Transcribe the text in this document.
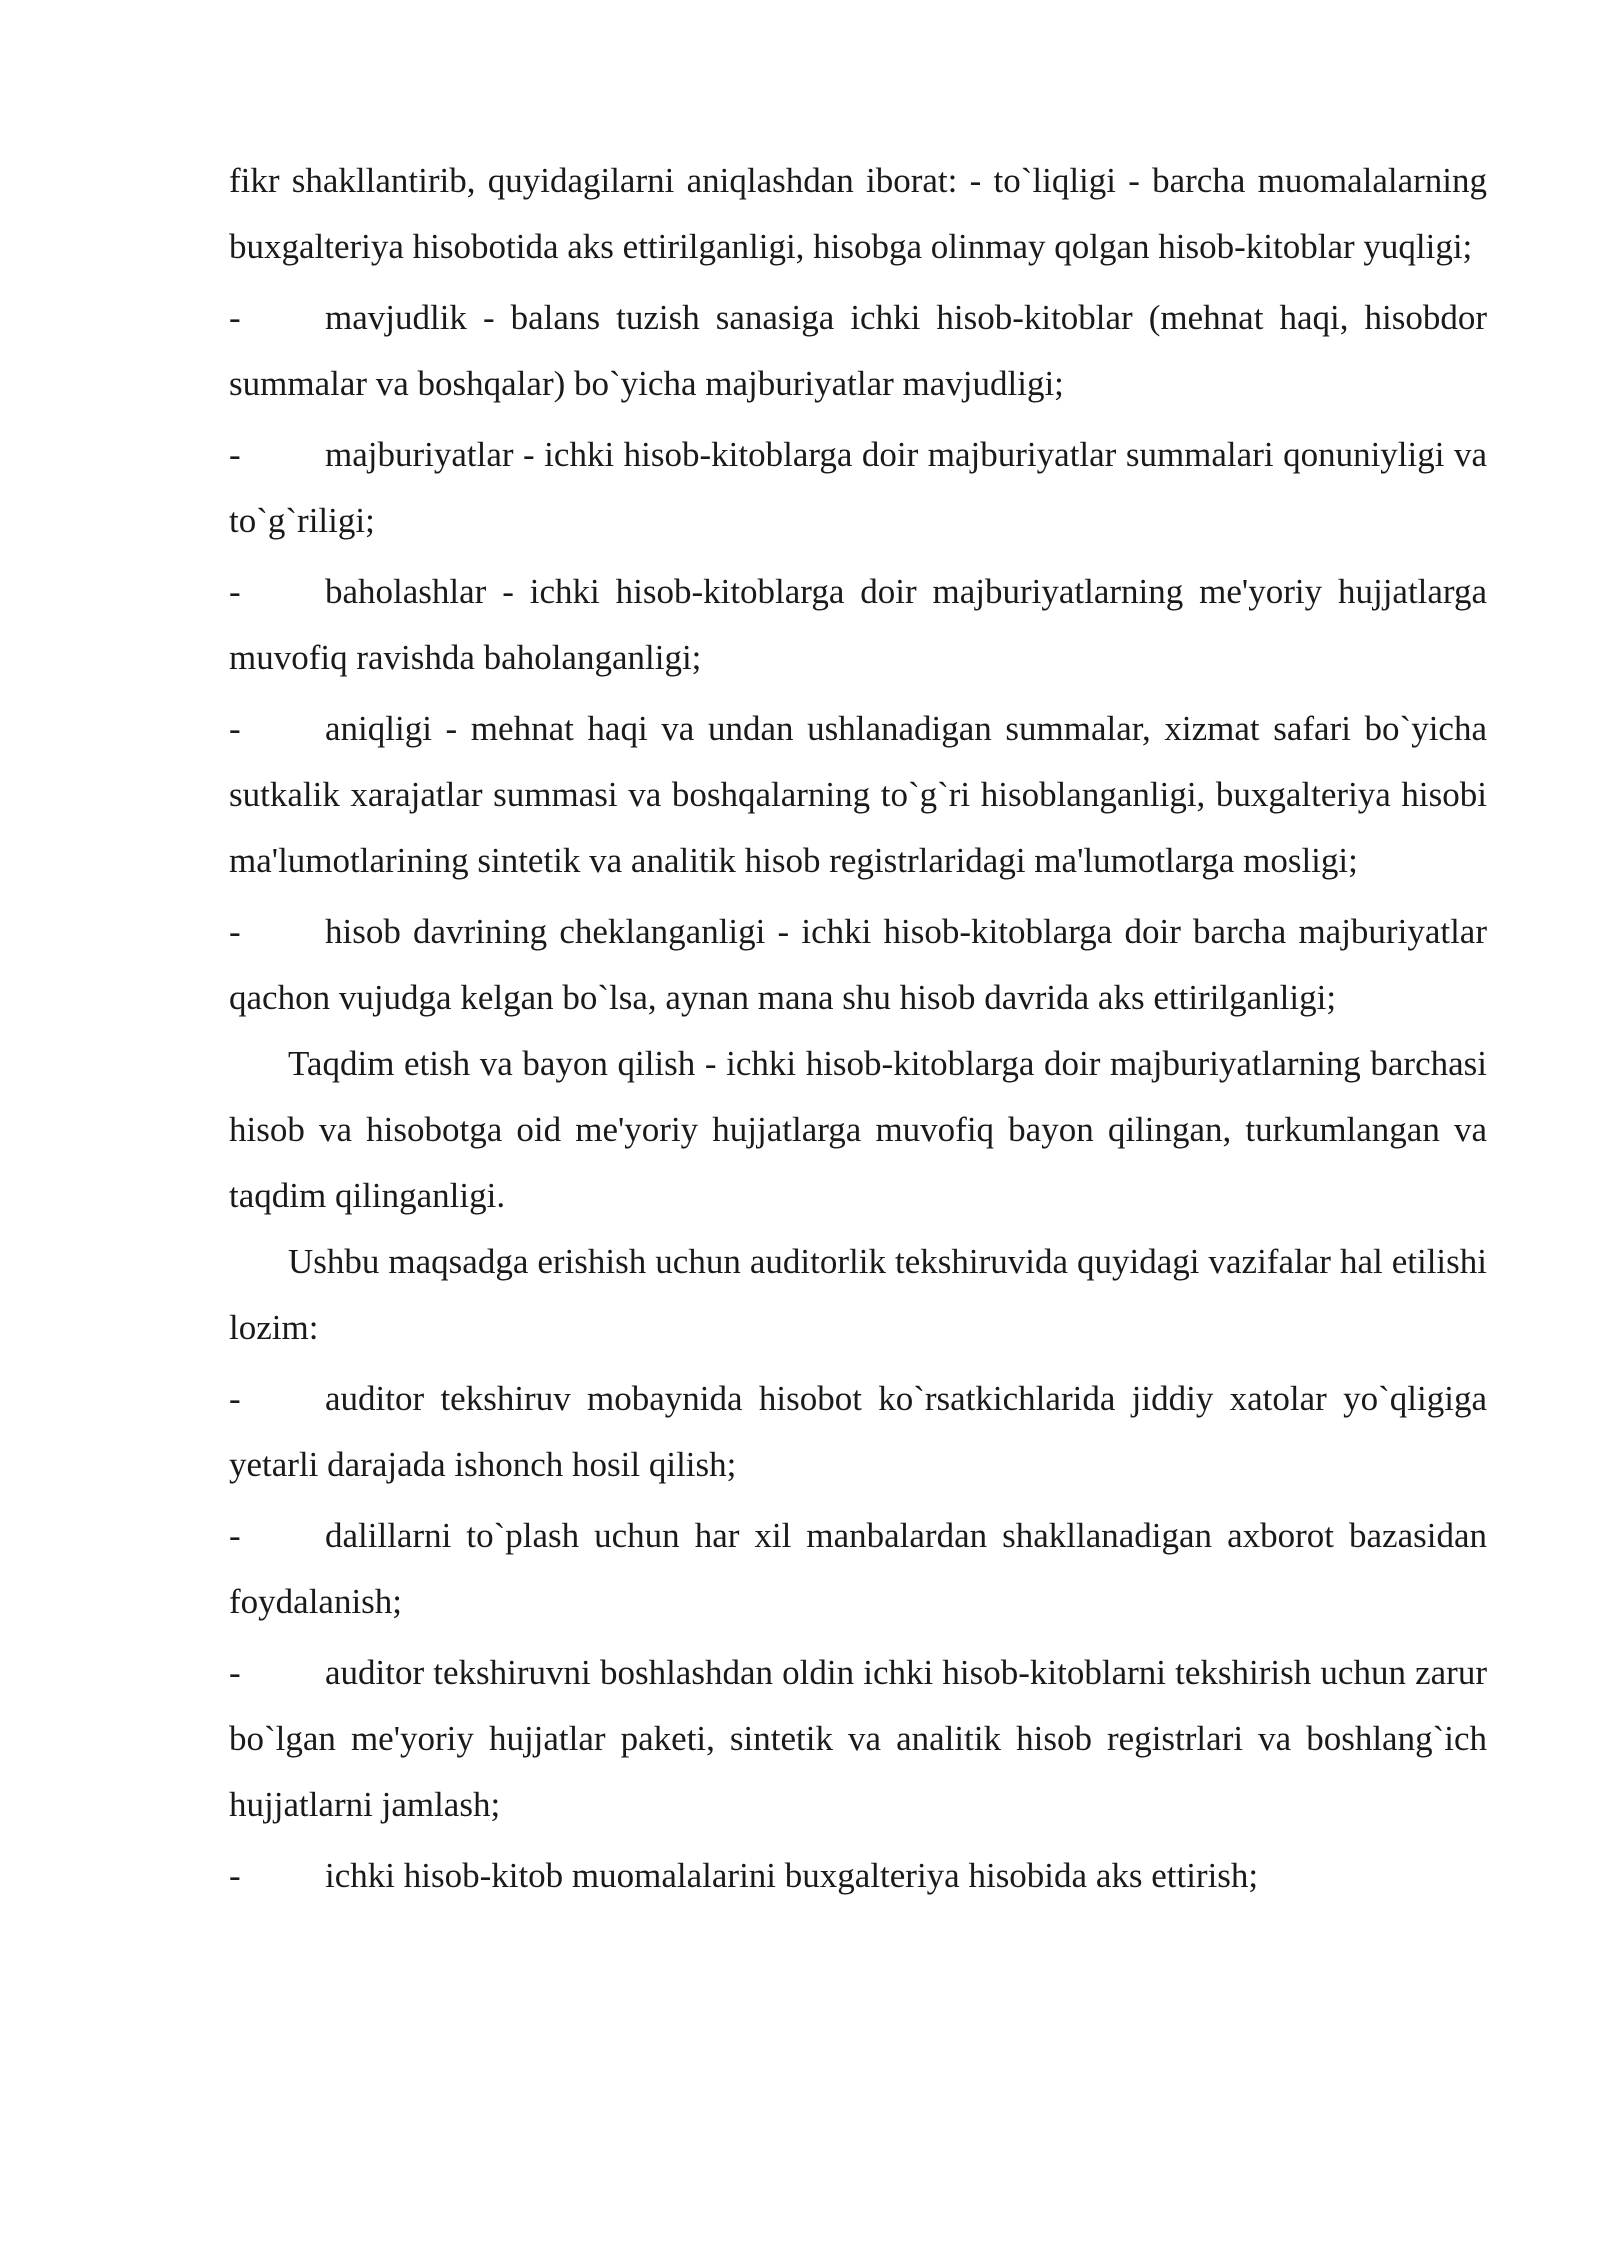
fikr shakllantirib, quyidagilarni aniqlashdan iborat: - to`liqligi - barcha muomalalarning buxgalteriya hisobotida aks ettirilganligi, hisobga olinmay qolgan hisob-kitoblar yuqligi;

- mavjudlik - balans tuzish sanasiga ichki hisob-kitoblar (mehnat haqi, hisobdor summalar va boshqalar) bo`yicha majburiyatlar mavjudligi;

- majburiyatlar - ichki hisob-kitoblarga doir majburiyatlar summalari qonuniyligi va to`g`riligi;

- baholashlar - ichki hisob-kitoblarga doir majburiyatlarning me'yoriy hujjatlarga muvofiq ravishda baholanganligi;

- aniqligi - mehnat haqi va undan ushlanadigan summalar, xizmat safari bo`yicha sutkalik xarajatlar summasi va boshqalarning to`g`ri hisoblanganligi, buxgalteriya hisobi ma'lumotlarining sintetik va analitik hisob registrlaridagi ma'lumotlarga mosligi;

- hisob davrining cheklanganligi - ichki hisob-kitoblarga doir barcha majburiyatlar qachon vujudga kelgan bo`lsa, aynan mana shu hisob davrida aks ettirilganligi;

Taqdim etish va bayon qilish - ichki hisob-kitoblarga doir majburiyatlarning barchasi hisob va hisobotga oid me'yoriy hujjatlarga muvofiq bayon qilingan, turkumlangan va taqdim qilinganligi.

Ushbu maqsadga erishish uchun auditorlik tekshiruvida quyidagi vazifalar hal etilishi lozim:

- auditor tekshiruv mobaynida hisobot ko`rsatkichlarida jiddiy xatolar yo`qligiga yetarli darajada ishonch hosil qilish;

- dalillarni to`plash uchun har xil manbalardan shakllanadigan axborot bazasidan foydalanish;

- auditor tekshiruvni boshlashdan oldin ichki hisob-kitoblarni tekshirish uchun zarur bo`lgan me'yoriy hujjatlar paketi, sintetik va analitik hisob registrlari va boshlang`ich hujjatlarni jamlash;

- ichki hisob-kitob muomalalarini buxgalteriya hisobida aks ettirish;
